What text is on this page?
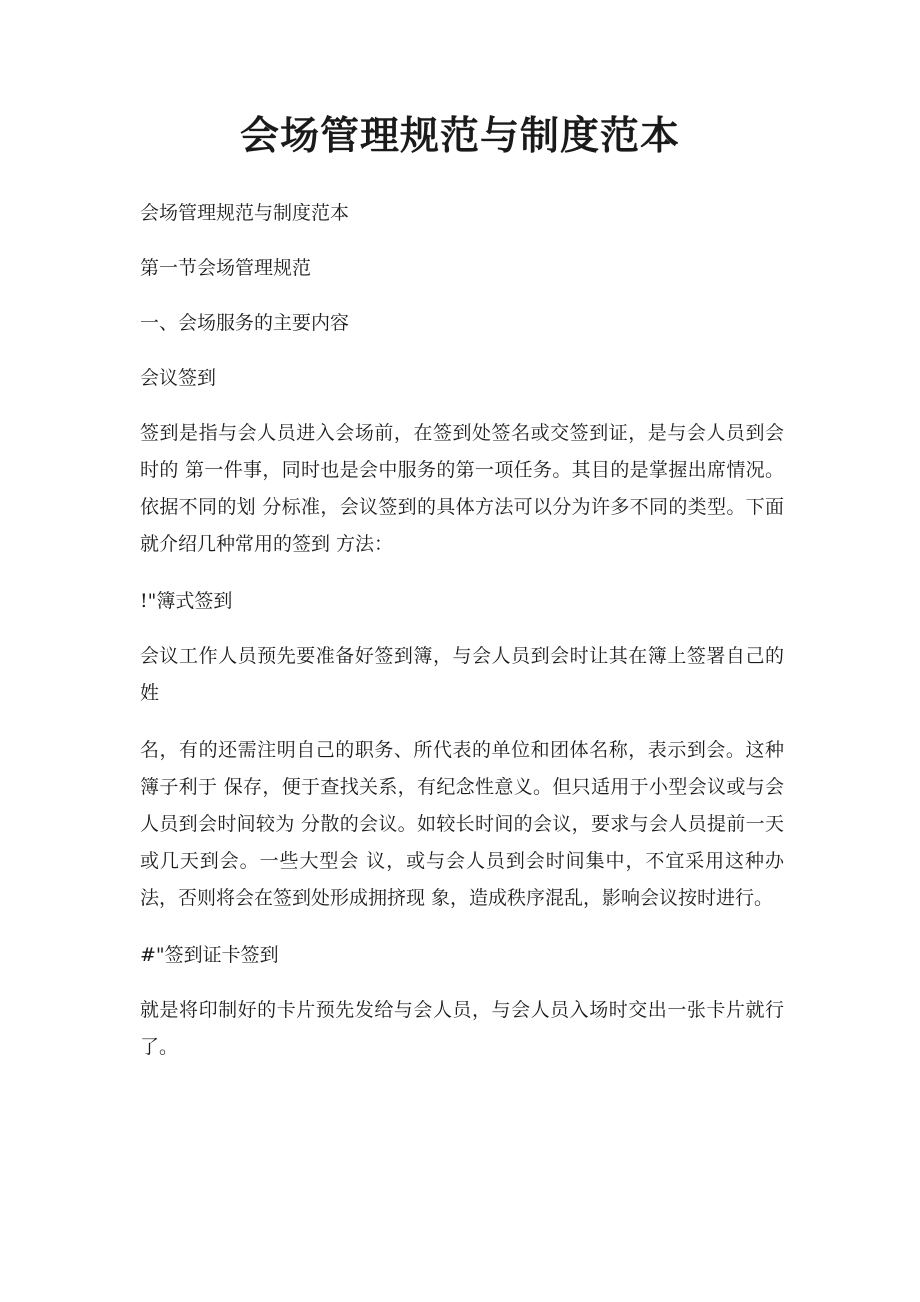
会场管理规范与制度范本

会场管理规范与制度范本

第一节会场管理规范

一、会场服务的主要内容

会议签到

签到是指与会人员进入会场前，在签到处签名或交签到证，是与会人员到会时的 第一件事，同时也是会中服务的第一项任务。其目的是掌握出席情况。依据不同的划 分标准，会议签到的具体方法可以分为许多不同的类型。下面就介绍几种常用的签到 方法：

!"簿式签到

会议工作人员预先要准备好签到簿，与会人员到会时让其在簿上签署自己的姓

名，有的还需注明自己的职务、所代表的单位和团体名称，表示到会。这种簿子利于 保存，便于查找关系，有纪念性意义。但只适用于小型会议或与会人员到会时间较为 分散的会议。如较长时间的会议，要求与会人员提前一天或几天到会。一些大型会 议，或与会人员到会时间集中，不宜采用这种办法，否则将会在签到处形成拥挤现 象，造成秩序混乱，影响会议按时进行。

#"签到证卡签到

就是将印制好的卡片预先发给与会人员，与会人员入场时交出一张卡片就行了。
